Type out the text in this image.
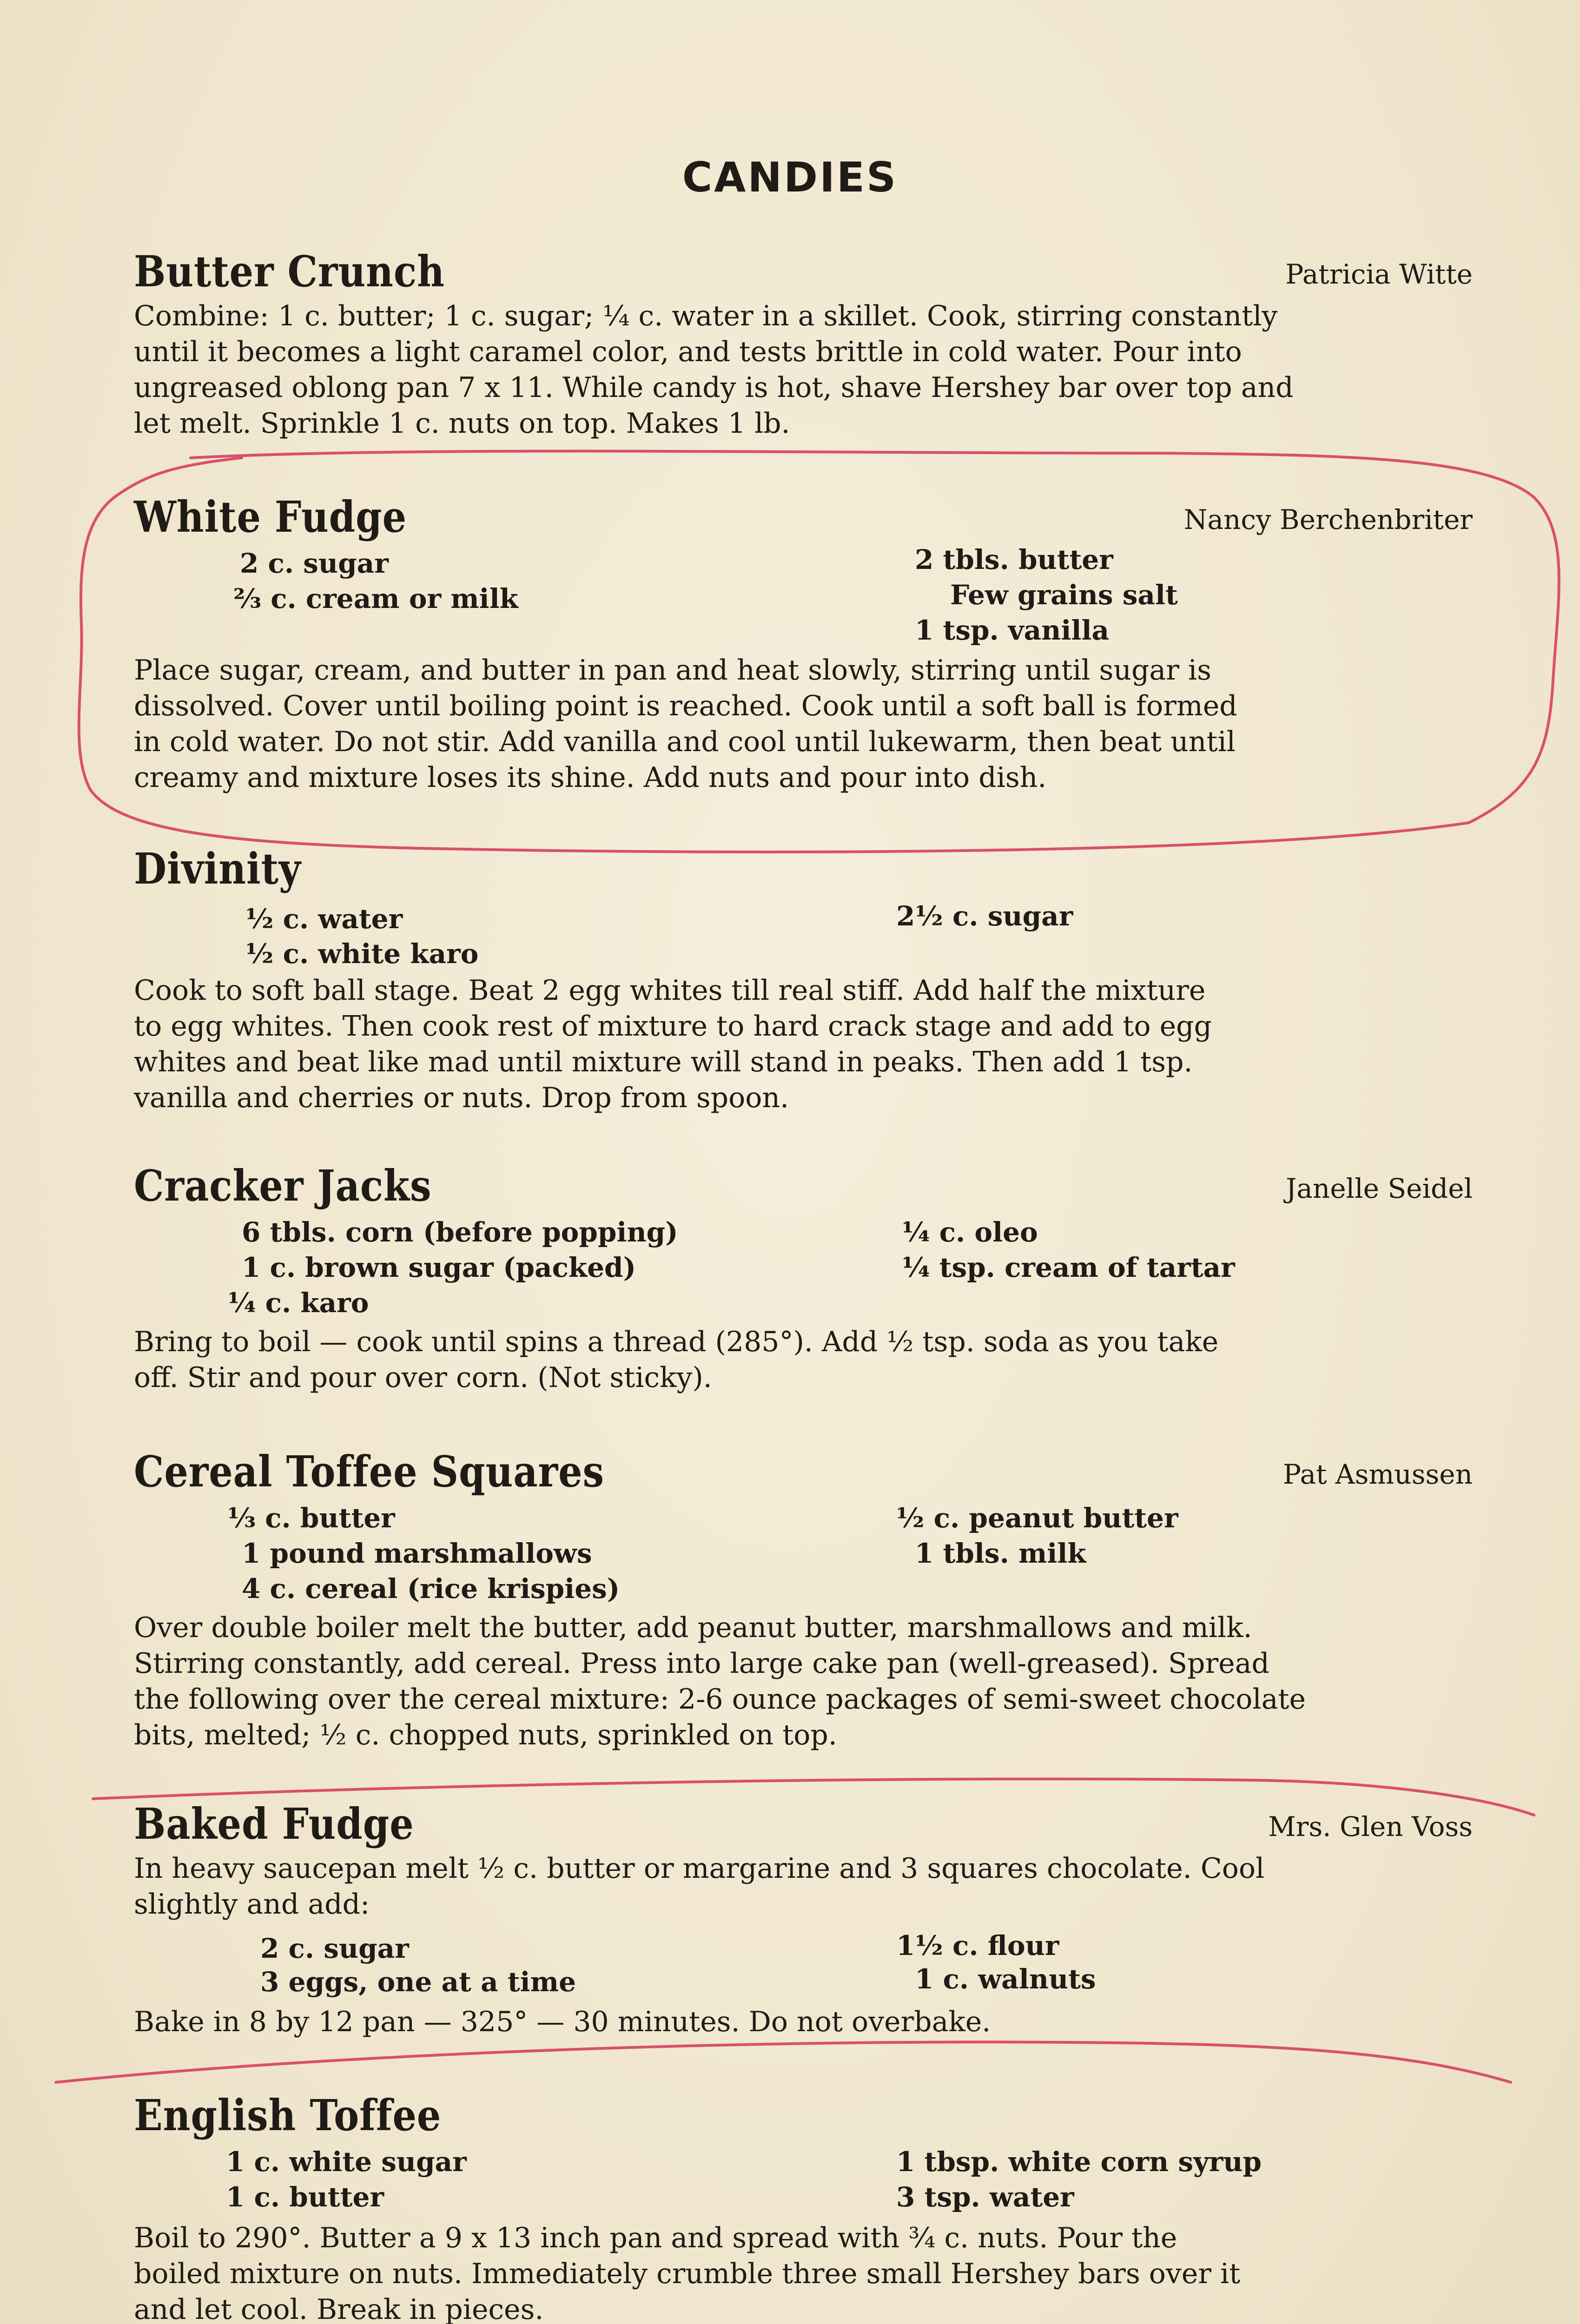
CANDIES
Butter Crunch	Patricia Witte
Combine: 1 c. butter; 1 c. sugar; ¼ c. water in a skillet. Cook, stirring constantly
until it becomes a light caramel color, and tests brittle in cold water. Pour into
ungreased oblong pan 7 x 11. While candy is hot, shave Hershey bar over top and
let melt. Sprinkle 1 c. nuts on top. Makes 1 lb.
White Fudge	Nancy Berchenbriter
2 c. sugar
⅔ c. cream or milk
2 tbls. butter
Few grains salt
1 tsp. vanilla
Place sugar, cream, and butter in pan and heat slowly, stirring until sugar is
dissolved. Cover until boiling point is reached. Cook until a soft ball is formed
in cold water. Do not stir. Add vanilla and cool until lukewarm, then beat until
creamy and mixture loses its shine. Add nuts and pour into dish.
Divinity
½ c. water
½ c. white karo
2½ c. sugar
Cook to soft ball stage. Beat 2 egg whites till real stiff. Add half the mixture
to egg whites. Then cook rest of mixture to hard crack stage and add to egg
whites and beat like mad until mixture will stand in peaks. Then add 1 tsp.
vanilla and cherries or nuts. Drop from spoon.
Cracker Jacks	Janelle Seidel
6 tbls. corn (before popping)
1 c. brown sugar (packed)
¼ c. karo
¼ c. oleo
¼ tsp. cream of tartar
Bring to boil — cook until spins a thread (285°). Add ½ tsp. soda as you take
off. Stir and pour over corn. (Not sticky).
Cereal Toffee Squares	Pat Asmussen
⅓ c. butter
1 pound marshmallows
4 c. cereal (rice krispies)
½ c. peanut butter
1 tbls. milk
Over double boiler melt the butter, add peanut butter, marshmallows and milk.
Stirring constantly, add cereal. Press into large cake pan (well-greased). Spread
the following over the cereal mixture: 2-6 ounce packages of semi-sweet chocolate
bits, melted; ½ c. chopped nuts, sprinkled on top.
Baked Fudge	Mrs. Glen Voss
In heavy saucepan melt ½ c. butter or margarine and 3 squares chocolate. Cool
slightly and add:
2 c. sugar
3 eggs, one at a time
1½ c. flour
1 c. walnuts
Bake in 8 by 12 pan — 325° — 30 minutes. Do not overbake.
English Toffee
1 c. white sugar
1 c. butter
1 tbsp. white corn syrup
3 tsp. water
Boil to 290°. Butter a 9 x 13 inch pan and spread with ¾ c. nuts. Pour the
boiled mixture on nuts. Immediately crumble three small Hershey bars over it
and let cool. Break in pieces.
